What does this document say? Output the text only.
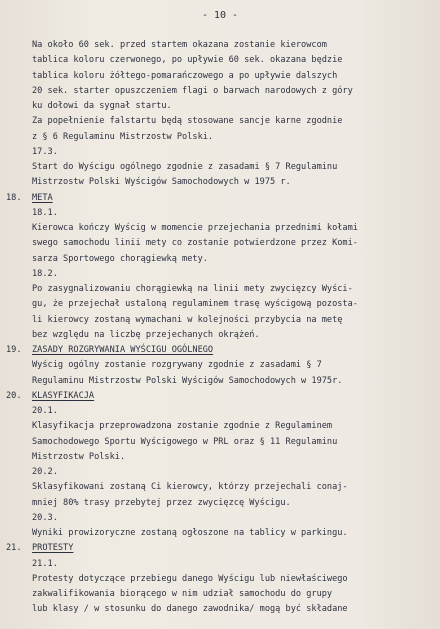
- 10 -
Na około 60 sek. przed startem okazana zostanie kierowcom
tablica koloru czerwonego, po upływie 60 sek. okazana będzie
tablica koloru żółtego-pomarańczowego a po upływie dalszych
20 sek. starter opuszczeniem flagi o barwach narodowych z góry
ku dołowi da sygnał startu.
Za popełnienie falstartu będą stosowane sancje karne zgodnie
z § 6 Regulaminu Mistrzostw Polski.
17.3.
Start do Wyścigu ogólnego zgodnie z zasadami § 7 Regulaminu
Mistrzostw Polski Wyścigów Samochodowych w 1975 r.
18. META
18.1.
Kierowca kończy Wyścig w momencie przejechania przednimi kołami
swego samochodu linii mety co zostanie potwierdzone przez Komi-
sarza Sportowego chorągiewką mety.
18.2.
Po zasygnalizowaniu chorągiewką na linii mety zwycięzcy Wyści-
gu, że przejechał ustaloną regulaminem trasę wyścigową pozosta-
li kierowcy zostaną wymachani w kolejności przybycia na metę
bez względu na liczbę przejechanych okrążeń.
19. ZASADY ROZGRYWANIA WYŚCIGU OGÓLNEGO
Wyścig ogólny zostanie rozgrywany zgodnie z zasadami § 7
Regulaminu Mistrzostw Polski Wyścigów Samochodowych w 1975r.
20. KLASYFIKACJA
20.1.
Klasyfikacja przeprowadzona zostanie zgodnie z Regulaminem
Samochodowego Sportu Wyścigowego w PRL oraz § 11 Regulaminu
Mistrzostw Polski.
20.2.
Sklasyfikowani zostaną Ci kierowcy, którzy przejechali conaj-
mniej 80% trasy przebytej przez zwycięzcę Wyścigu.
20.3.
Wyniki prowizoryczne zostaną ogłoszone na tablicy w parkingu.
21. PROTESTY
21.1.
Protesty dotyczące przebiegu danego Wyścigu lub niewłaściwego
zakwalifikowania biorącego w nim udział samochodu do grupy
lub klasy / w stosunku do danego zawodnika/ mogą być składane
